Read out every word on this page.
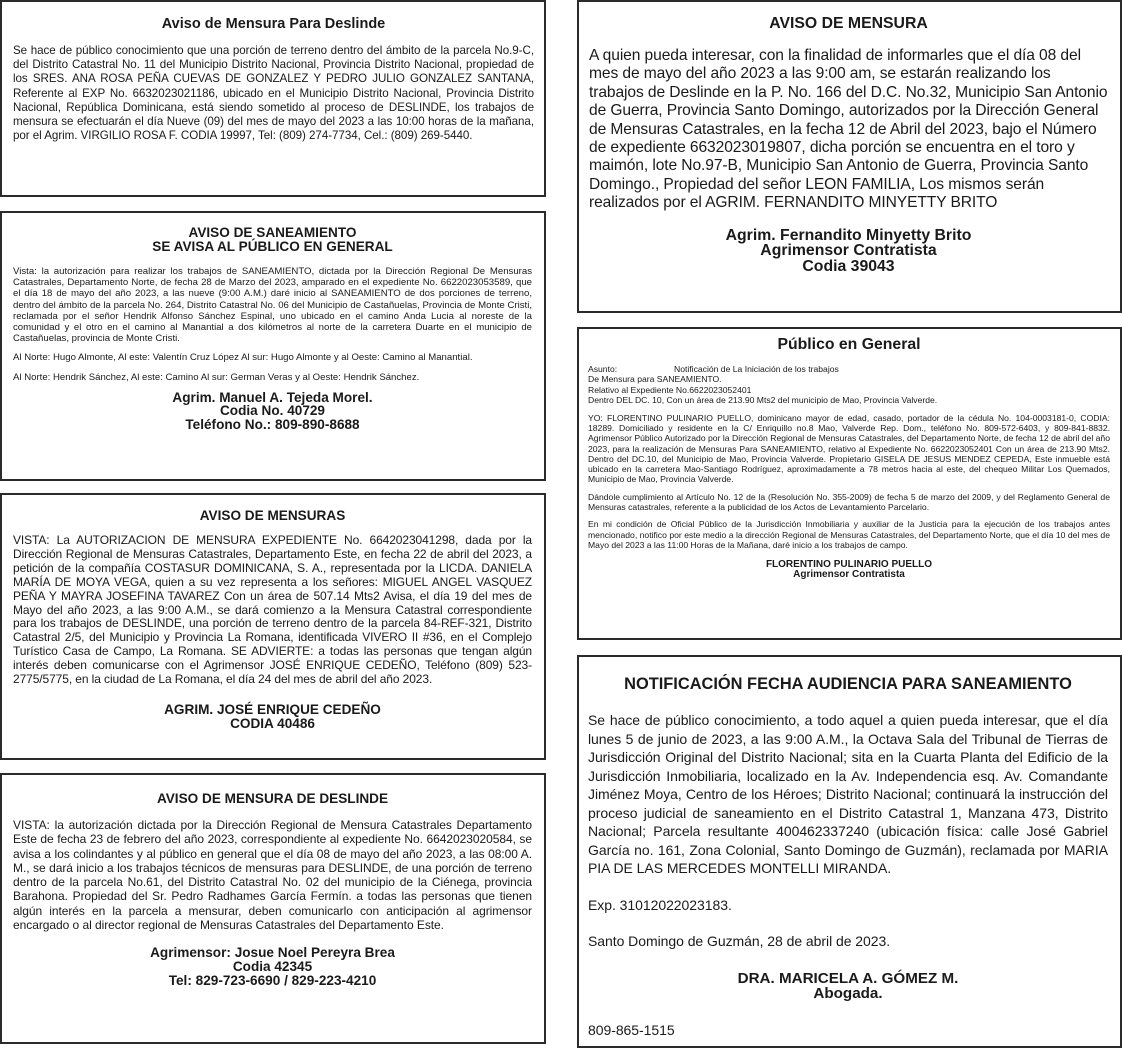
Aviso de Mensura Para Deslinde

Se hace de público conocimiento que una porción de terreno dentro del ámbito de la parcela No.9-C, del Distrito Catastral No. 11 del Municipio Distrito Nacional, Provincia Distrito Nacional, propiedad de los SRES. ANA ROSA PEÑA CUEVAS DE GONZALEZ Y PEDRO JULIO GONZALEZ SANTANA, Referente al EXP No. 6632023021186, ubicado en el Municipio Distrito Nacional, Provincia Distrito Nacional, República Dominicana, está siendo sometido al proceso de DESLINDE, los trabajos de mensura se efectuarán el día Nueve (09) del mes de mayo del 2023 a las 10:00 horas de la mañana, por el Agrim. VIRGILIO ROSA F. CODIA 19997, Tel: (809) 274-7734, Cel.: (809) 269-5440.

AVISO DE SANEAMIENTO
SE AVISA AL PÚBLICO EN GENERAL

Vista: la autorización para realizar los trabajos de SANEAMIENTO, dictada por la Dirección Regional De Mensuras Catastrales, Departamento Norte, de fecha 28 de Marzo del 2023, amparado en el expediente No. 6622023053589, que el día 18 de mayo del año 2023, a las nueve (9:00 A.M.) daré inicio al SANEAMIENTO de dos porciones de terreno, dentro del ámbito de la parcela No. 264, Distrito Catastral No. 06 del Municipio de Castañuelas, Provincia de Monte Cristi, reclamada por el señor Hendrik Alfonso Sánchez Espinal, uno ubicado en el camino Anda Lucia al noreste de la comunidad y el otro en el camino al Manantial a dos kilómetros al norte de la carretera Duarte en el municipio de Castañuelas, provincia de Monte Cristi.

Al Norte: Hugo Almonte, Al este: Valentín Cruz López Al sur: Hugo Almonte y al Oeste: Camino al Manantial.

Al Norte: Hendrik Sánchez, Al este: Camino Al sur: German Veras y al Oeste: Hendrik Sánchez.

Agrim. Manuel A. Tejeda Morel.
Codia No. 40729
Teléfono No.: 809-890-8688
AVISO DE MENSURAS

VISTA: La AUTORIZACION DE MENSURA EXPEDIENTE No. 6642023041298, dada por la Dirección Regional de Mensuras Catastrales, Departamento Este, en fecha 22 de abril del 2023, a petición de la compañía COSTASUR DOMINICANA, S. A., representada por la LICDA. DANIELA MARÍA DE MOYA VEGA, quien a su vez representa a los señores: MIGUEL ANGEL VASQUEZ PEÑA Y MAYRA JOSEFINA TAVAREZ Con un área de 507.14 Mts2 Avisa, el día 19 del mes de Mayo del año 2023, a las 9:00 A.M., se dará comienzo a la Mensura Catastral correspondiente para los trabajos de DESLINDE, una porción de terreno dentro de la parcela 84-REF-321, Distrito Catastral 2/5, del Municipio y Provincia La Romana, identificada VIVERO II #36, en el Complejo Turístico Casa de Campo, La Romana. SE ADVIERTE: a todas las personas que tengan algún interés deben comunicarse con el Agrimensor JOSÉ ENRIQUE CEDEÑO, Teléfono (809) 523-2775/5775, en la ciudad de La Romana, el día 24 del mes de abril del año 2023.

AGRIM. JOSÉ ENRIQUE CEDEÑO
CODIA 40486
AVISO DE MENSURA DE DESLINDE

VISTA: la autorización dictada por la Dirección Regional de Mensura Catastrales Departamento Este de fecha 23 de febrero del año 2023, correspondiente al expediente No. 6642023020584, se avisa a los colindantes y al público en general que el día 08 de mayo del año 2023, a las 08:00 A. M., se dará inicio a los trabajos técnicos de mensuras para DESLINDE, de una porción de terreno dentro de la parcela No.61, del Distrito Catastral No. 02 del municipio de la Ciénega, provincia Barahona. Propiedad del Sr. Pedro Radhames García Fermín. a todas las personas que tienen algún interés en la parcela a mensurar, deben comunicarlo con anticipación al agrimensor encargado o al director regional de Mensuras Catastrales del Departamento Este.

Agrimensor: Josue Noel Pereyra Brea
Codia 42345
Tel: 829-723-6690 / 829-223-4210
AVISO DE MENSURA

A quien pueda interesar, con la finalidad de informarles que el día 08 del mes de mayo del año 2023 a las 9:00 am, se estarán realizando los trabajos de Deslinde en la P. No. 166 del D.C. No.32, Municipio San Antonio de Guerra, Provincia Santo Domingo, autorizados por la Dirección General de Mensuras Catastrales, en la fecha 12 de Abril del 2023, bajo el Número de expediente 6632023019807, dicha porción se encuentra en el toro y maimón, lote No.97-B, Municipio San Antonio de Guerra, Provincia Santo Domingo., Propiedad del señor LEON FAMILIA, Los mismos serán realizados por el AGRIM. FERNANDITO MINYETTY BRITO

Agrim. Fernandito Minyetty Brito
Agrimensor Contratista
Codia 39043
Público en General
Asunto:	Notificación de La Iniciación de los trabajos
De Mensura para SANEAMIENTO.
Relativo al Expediente No.6622023052401
Dentro DEL DC. 10, Con un área de 213.90 Mts2 del municipio de Mao, Provincia Valverde.

YO: FLORENTINO PULINARIO PUELLO, dominicano mayor de edad, casado, portador de la cédula No. 104-0003181-0, CODIA: 18289. Domiciliado y residente en la C/ Enriquillo no.8 Mao, Valverde Rep. Dom., teléfono No. 809-572-6403, y 809-841-8832. Agrimensor Público Autorizado por la Dirección Regional de Mensuras Catastrales, del Departamento Norte, de fecha 12 de abril del año 2023, para la realización de Mensuras Para SANEAMIENTO, relativo al Expediente No. 6622023052401 Con un área de 213.90 Mts2. Dentro del DC.10, del Municipio de Mao, Provincia Valverde. Propietario GISELA DE JESUS MENDEZ CEPEDA, Este inmueble está ubicado en la carretera Mao-Santiago Rodríguez, aproximadamente a 78 metros hacia al este, del chequeo Militar Los Quemados, Municipio de Mao, Provincia Valverde.

Dándole cumplimiento al Artículo No. 12 de la (Resolución No. 355-2009) de fecha 5 de marzo del 2009, y del Reglamento General de Mensuras catastrales, referente a la publicidad de los Actos de Levantamiento Parcelario.

En mi condición de Oficial Público de la Jurisdicción Inmobiliaria y auxiliar de la Justicia para la ejecución de los trabajos antes mencionado, notifico por este medio a la dirección Regional de Mensuras Catastrales, del Departamento Norte, que el día 10 del mes de Mayo del 2023 a las 11:00 Horas de la Mañana, daré inicio a los trabajos de campo.

FLORENTINO PULINARIO PUELLO
Agrimensor Contratista
NOTIFICACIÓN FECHA AUDIENCIA PARA SANEAMIENTO

Se hace de público conocimiento, a todo aquel a quien pueda interesar, que el día lunes 5 de junio de 2023, a las 9:00 A.M., la Octava Sala del Tribunal de Tierras de Jurisdicción Original del Distrito Nacional; sita en la Cuarta Planta del Edificio de la Jurisdicción Inmobiliaria, localizado en la Av. Independencia esq. Av. Comandante Jiménez Moya, Centro de los Héroes; Distrito Nacional; continuará la instrucción del proceso judicial de saneamiento en el Distrito Catastral 1, Manzana 473, Distrito Nacional; Parcela resultante 400462337240 (ubicación física: calle José Gabriel García no. 161, Zona Colonial, Santo Domingo de Guzmán), reclamada por MARIA PIA DE LAS MERCEDES MONTELLI MIRANDA.

Exp. 31012022023183.

Santo Domingo de Guzmán, 28 de abril de 2023.

DRA. MARICELA A. GÓMEZ M.
Abogada.

809-865-1515
